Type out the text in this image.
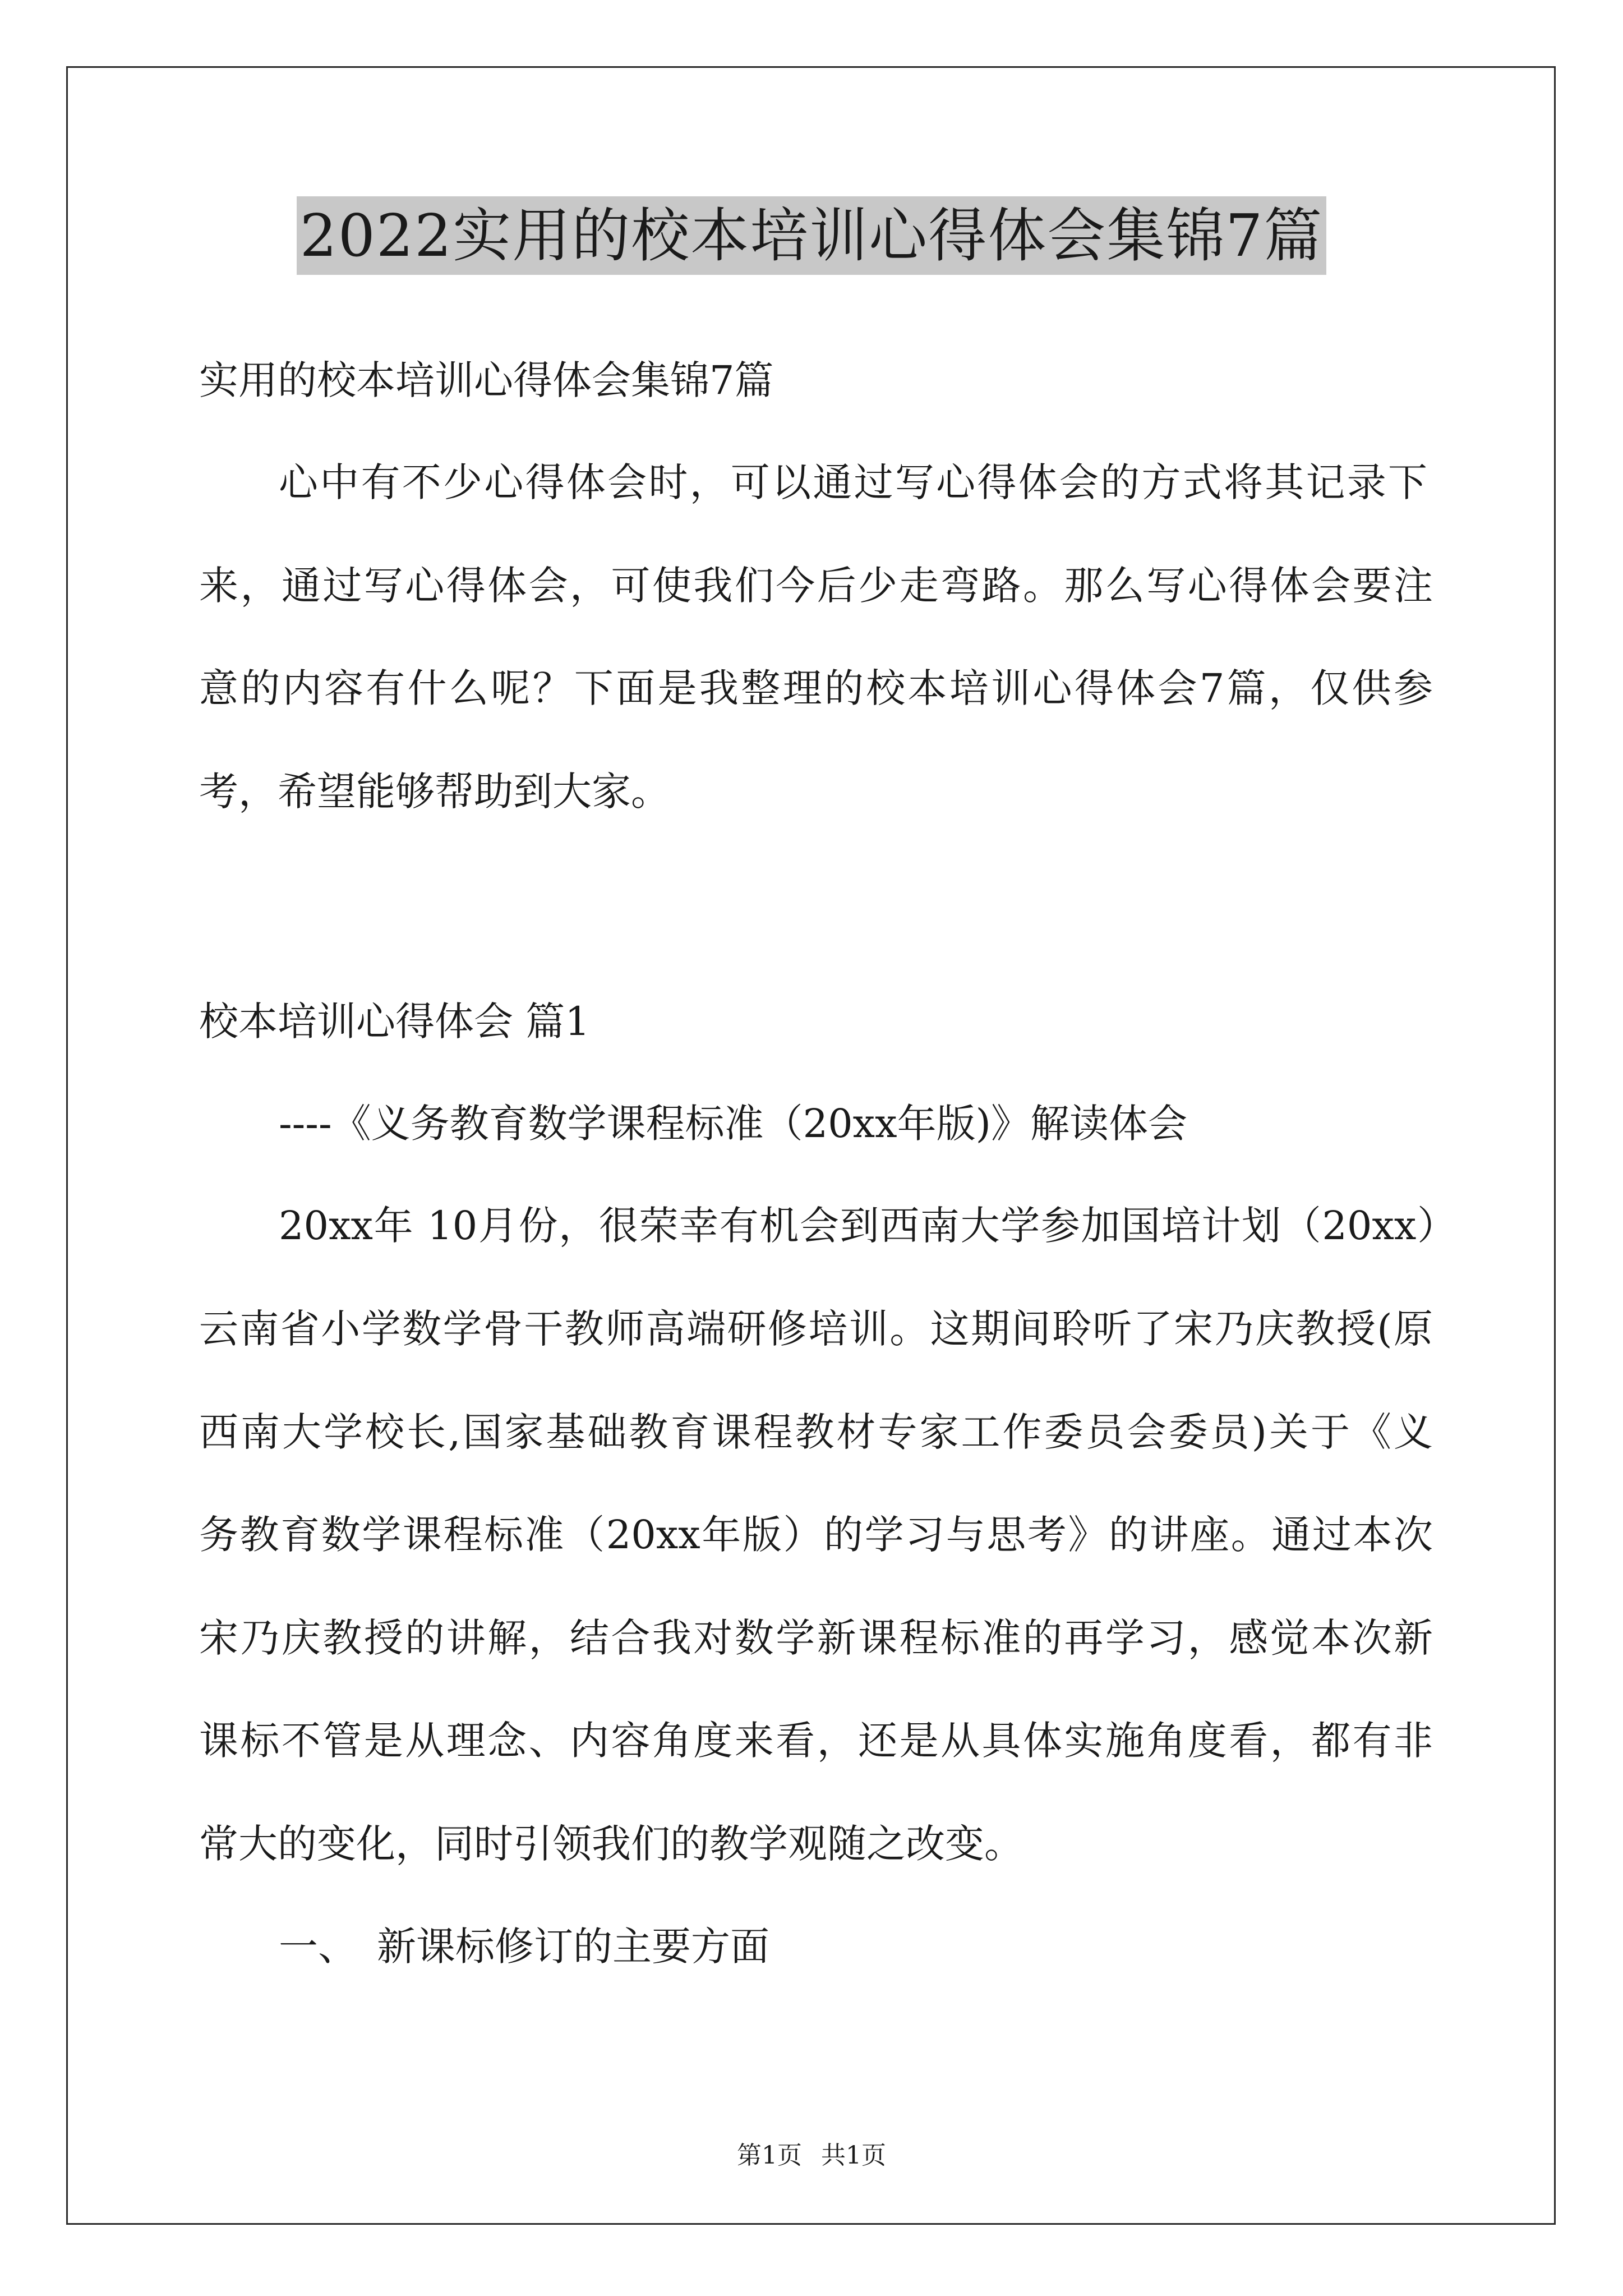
2022实用的校本培训心得体会集锦7篇

实用的校本培训心得体会集锦7篇

心中有不少心得体会时，可以通过写心得体会的方式将其记录下

来，通过写心得体会，可使我们今后少走弯路。那么写心得体会要注

意的内容有什么呢？下面是我整理的校本培训心得体会7篇，仅供参

考，希望能够帮助到大家。

校本培训心得体会 篇1

----《义务教育数学课程标准（20xx年版)》解读体会

20xx年 10月份，很荣幸有机会到西南大学参加国培计划（20xx）

云南省小学数学骨干教师高端研修培训。这期间聆听了宋乃庆教授(原

西南大学校长,国家基础教育课程教材专家工作委员会委员)关于《义

务教育数学课程标准（20xx年版）的学习与思考》的讲座。通过本次

宋乃庆教授的讲解，结合我对数学新课程标准的再学习，感觉本次新

课标不管是从理念、内容角度来看，还是从具体实施角度看，都有非

常大的变化，同时引领我们的教学观随之改变。

一、　新课标修订的主要方面

第1页 共1页
